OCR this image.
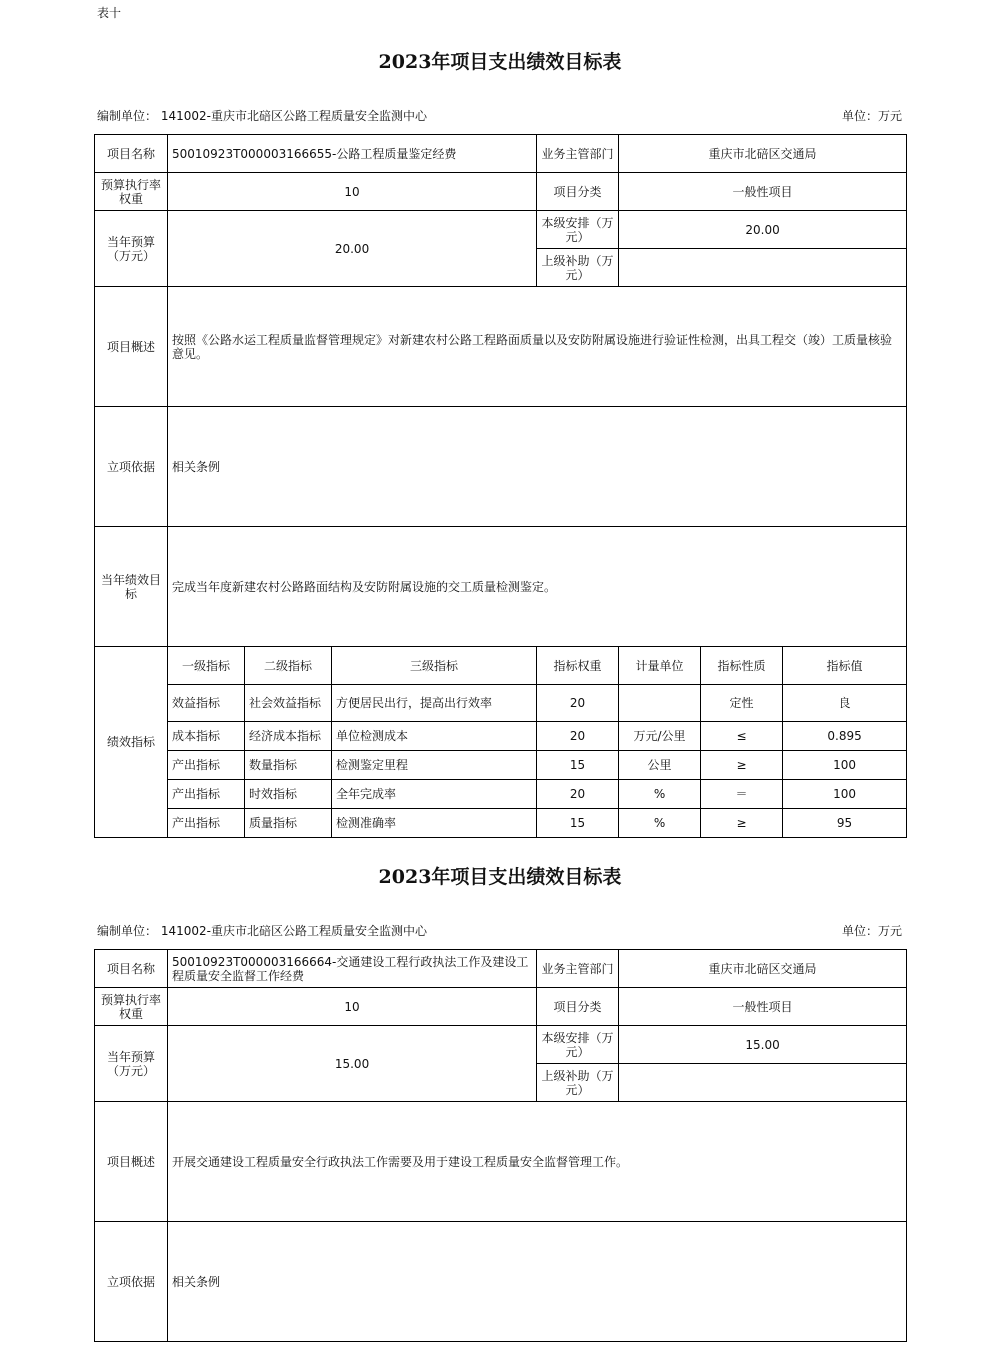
表十
2023年项目支出绩效目标表
编制单位： 141002-重庆市北碚区公路工程质量安全监测中心	单位：万元
项目名称	50010923T000003166655-公路工程质量鉴定经费			业务主管部门	重庆市北碚区交通局			
预算执行率权重	10			项目分类	一般性项目			
当年预算（万元）	20.00			本级安排（万元）	20.00			
				上级补助（万元）				
项目概述	按照《公路水运工程质量监督管理规定》对新建农村公路工程路面质量以及安防附属设施进行验证性检测，出具工程交（竣）工质量核验意见。							
立项依据	相关条例							
当年绩效目标	完成当年度新建农村公路路面结构及安防附属设施的交工质量检测鉴定。							
绩效指标	一级指标	二级指标	三级指标	指标权重	计量单位	指标性质	指标值	
	效益指标	社会效益指标	方便居民出行，提高出行效率	20		定性	良	
	成本指标	经济成本指标	单位检测成本	20	万元/公里	≤	0.895	
	产出指标	数量指标	检测鉴定里程	15	公里	≥	100	
	产出指标	时效指标	全年完成率	20	%	＝	100	
	产出指标	质量指标	检测准确率	15	%	≥	95	
2023年项目支出绩效目标表
编制单位： 141002-重庆市北碚区公路工程质量安全监测中心	单位：万元
项目名称	50010923T000003166664-交通建设工程行政执法工作及建设工程质量安全监督工作经费	业务主管部门	重庆市北碚区交通局
预算执行率权重	10	项目分类	一般性项目
当年预算（万元）	15.00	本级安排（万元）	15.00
		上级补助（万元）	
项目概述	开展交通建设工程质量安全行政执法工作需要及用于建设工程质量安全监督管理工作。		
立项依据	相关条例		
